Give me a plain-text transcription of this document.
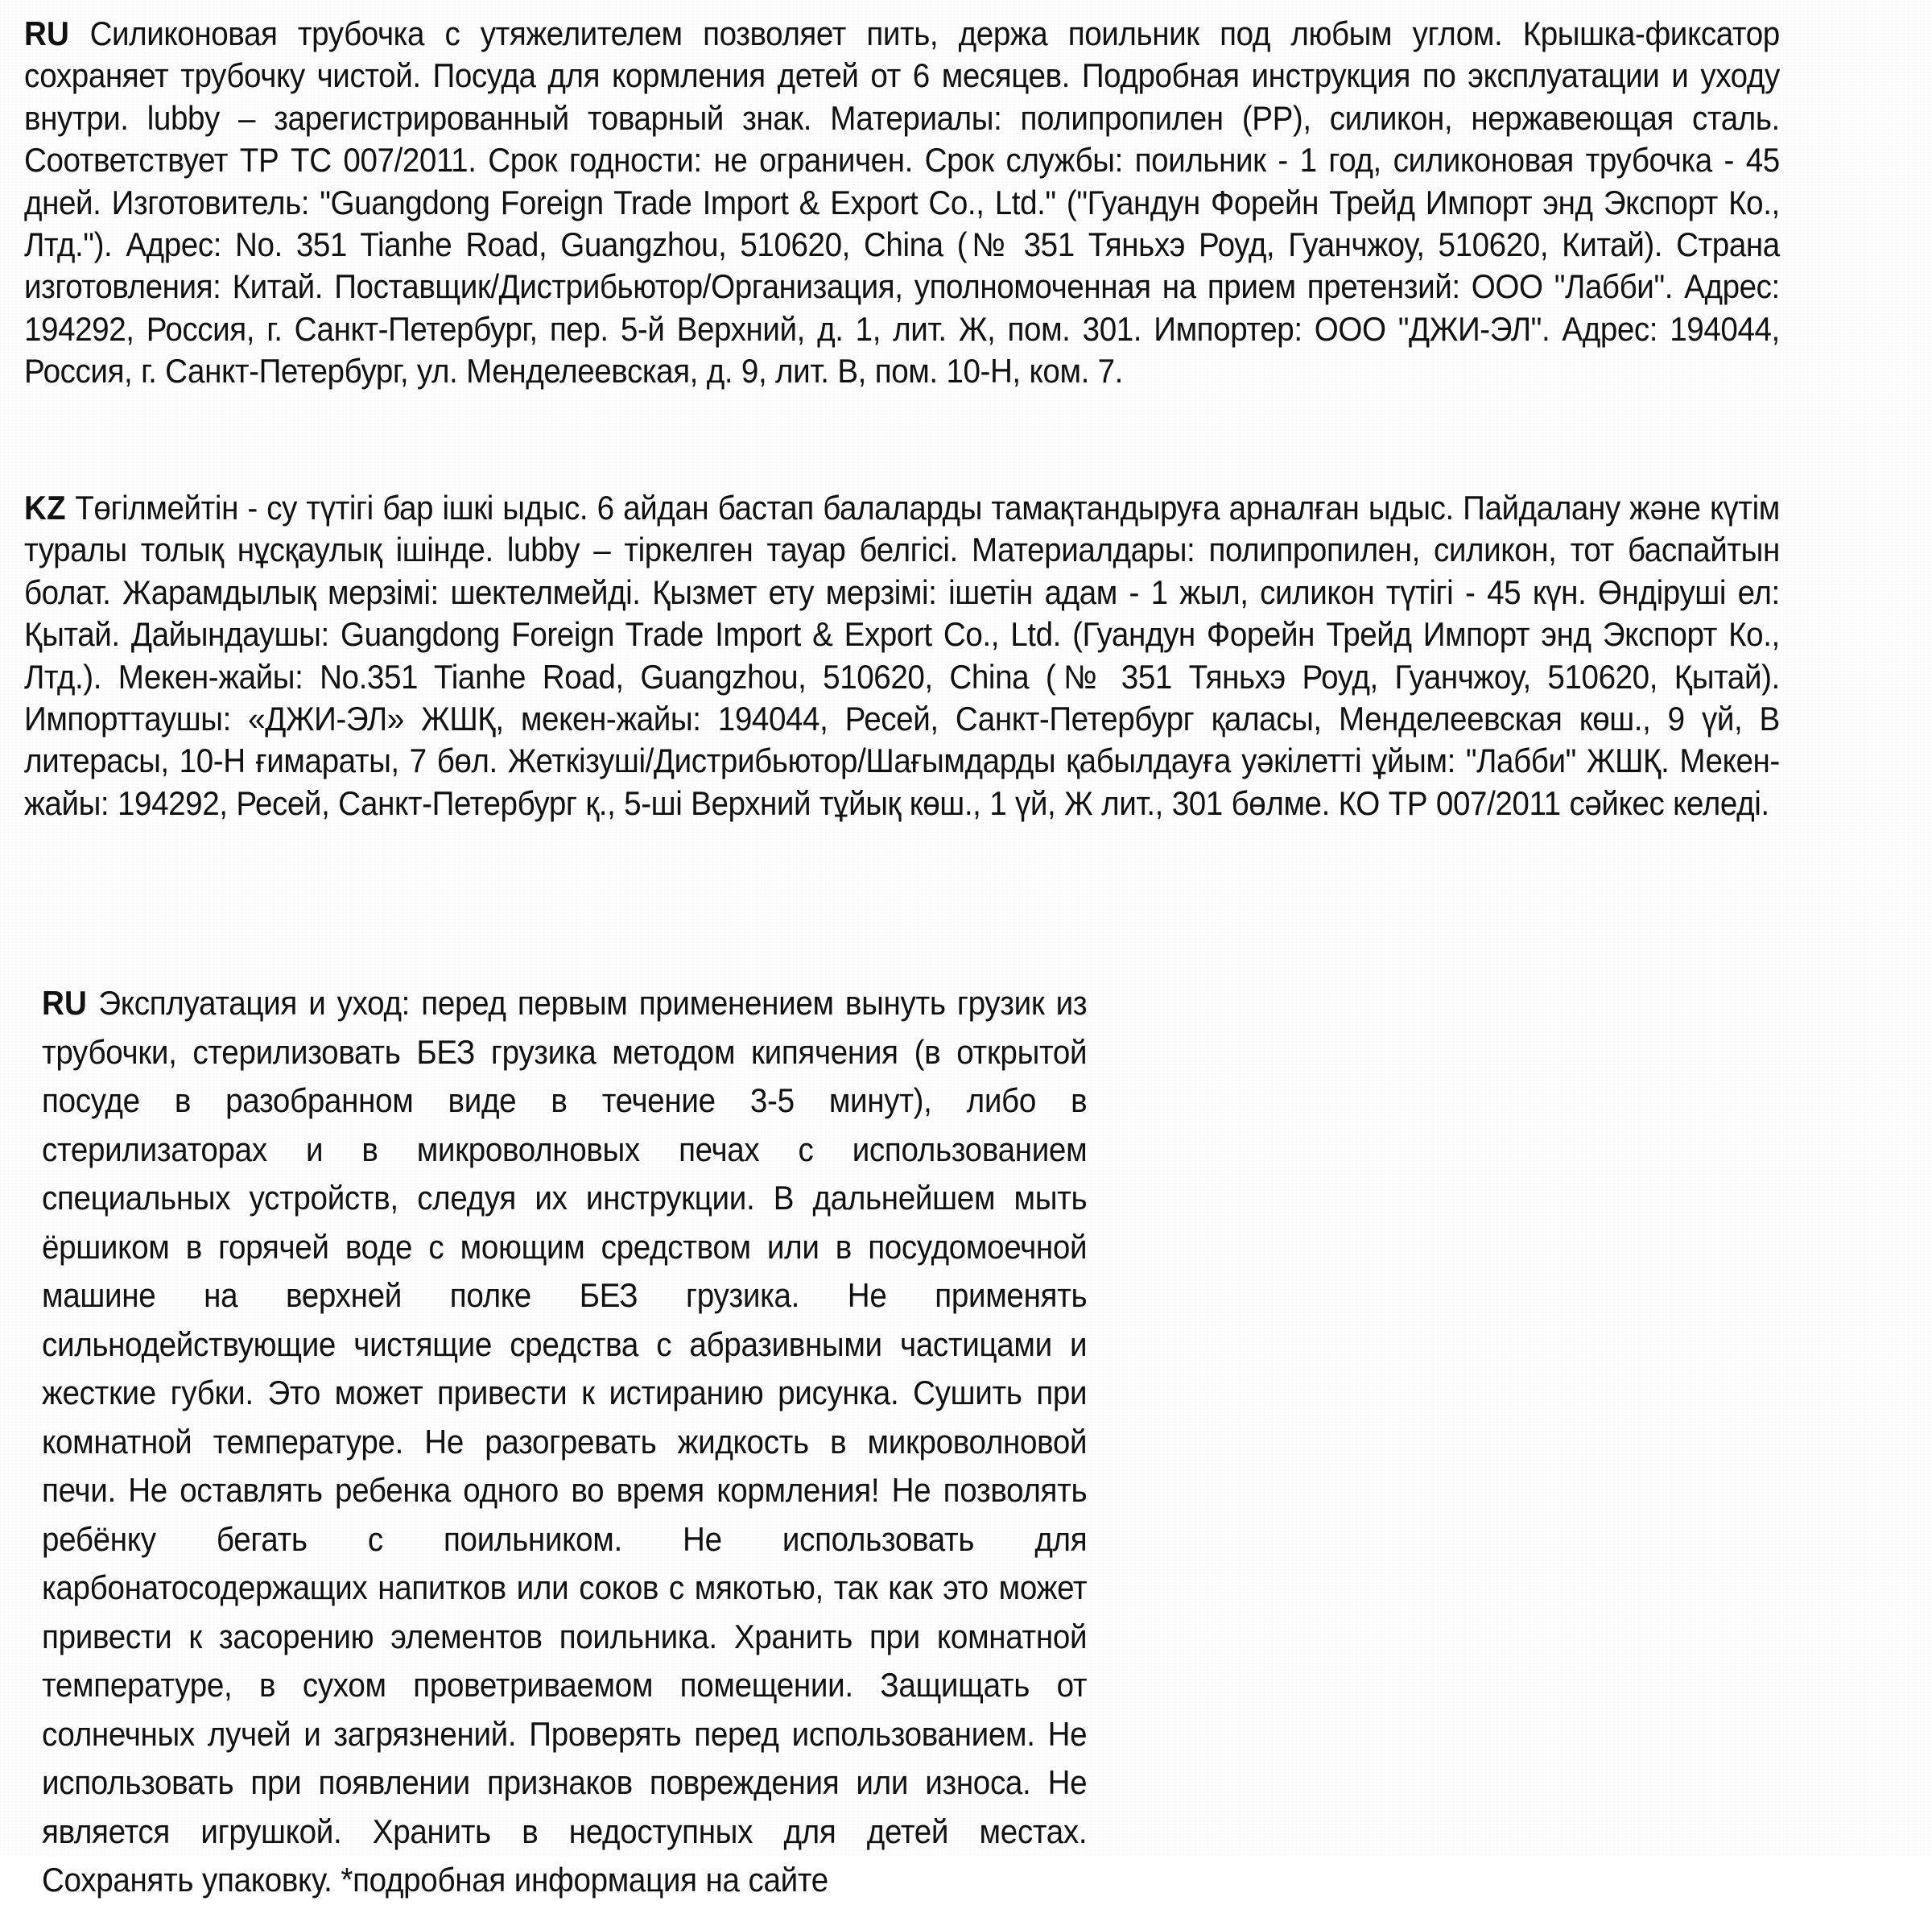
RU Силиконовая трубочка с утяжелителем позволяет пить, держа поильник под любым углом. Крышка-фиксатор сохраняет трубочку чистой. Посуда для кормления детей от 6 месяцев. Подробная инструкция по эксплуатации и уходу внутри. lubby – зарегистрированный товарный знак. Материалы: полипропилен (PP), силикон, нержавеющая сталь. Соответствует ТР ТС 007/2011. Срок годности: не ограничен. Срок службы: поильник - 1 год, силиконовая трубочка - 45 дней. Изготовитель: "Guangdong Foreign Trade Import & Export Co., Ltd." ("Гуандун Форейн Трейд Импорт энд Экспорт Ко., Лтд."). Адрес: No. 351 Tianhe Road, Guangzhou, 510620, China (№ 351 Тяньхэ Роуд, Гуанчжоу, 510620, Китай). Страна изготовления: Китай. Поставщик/Дистрибьютор/Организация, уполномоченная на прием претензий: ООО "Лабби". Адрес: 194292, Россия, г. Санкт-Петербург, пер. 5-й Верхний, д. 1, лит. Ж, пом. 301. Импортер: ООО "ДЖИ-ЭЛ". Адрес: 194044, Россия, г. Санкт-Петербург, ул. Менделеевская, д. 9, лит. В, пом. 10-Н, ком. 7.

KZ Төгілмейтін - су түтігі бар ішкі ыдыс. 6 айдан бастап балаларды тамақтандыруға арналған ыдыс. Пайдалану және күтім туралы толық нұсқаулық ішінде. lubby – тіркелген тауар белгісі. Материалдары: полипропилен, силикон, тот баспайтын болат. Жарамдылық мерзімі: шектелмейді. Қызмет ету мерзімі: ішетін адам - 1 жыл, силикон түтігі - 45 күн. Өндіруші ел: Қытай. Дайындаушы: Guangdong Foreign Trade Import & Export Co., Ltd. (Гуандун Форейн Трейд Импорт энд Экспорт Ко., Лтд.). Мекен-жайы: No.351 Tianhe Road, Guangzhou, 510620, China (№ 351 Тяньхэ Роуд, Гуанчжоу, 510620, Қытай). Импорттаушы: «ДЖИ-ЭЛ» ЖШҚ, мекен-жайы: 194044, Ресей, Санкт-Петербург қаласы, Менделеевская көш., 9 үй, В литерасы, 10-Н ғимараты, 7 бөл. Жеткізуші/Дистрибьютор/Шағымдарды қабылдауға уәкілетті ұйым: "Лабби" ЖШҚ. Мекен-жайы: 194292, Ресей, Санкт-Петербург қ., 5-ші Верхний тұйық көш., 1 үй, Ж лит., 301 бөлме. КО ТР 007/2011 сәйкес келеді.

RU Эксплуатация и уход: перед первым применением вынуть грузик из трубочки, стерилизовать БЕЗ грузика методом кипячения (в открытой посуде в разобранном виде в течение 3-5 минут), либо в стерилизаторах и в микроволновых печах с использованием специальных устройств, следуя их инструкции. В дальнейшем мыть ёршиком в горячей воде с моющим средством или в посудомоечной машине на верхней полке БЕЗ грузика. Не применять сильнодействующие чистящие средства с абразивными частицами и жесткие губки. Это может привести к истиранию рисунка. Сушить при комнатной температуре. Не разогревать жидкость в микроволновой печи. Не оставлять ребенка одного во время кормления! Не позволять ребёнку бегать с поильником. Не использовать для карбонатосодержащих напитков или соков с мякотью, так как это может привести к засорению элементов поильника. Хранить при комнатной температуре, в сухом проветриваемом помещении. Защищать от солнечных лучей и загрязнений. Проверять перед использованием. Не использовать при появлении признаков повреждения или износа. Не является игрушкой. Хранить в недоступных для детей местах. Сохранять упаковку. *подробная информация на сайте
